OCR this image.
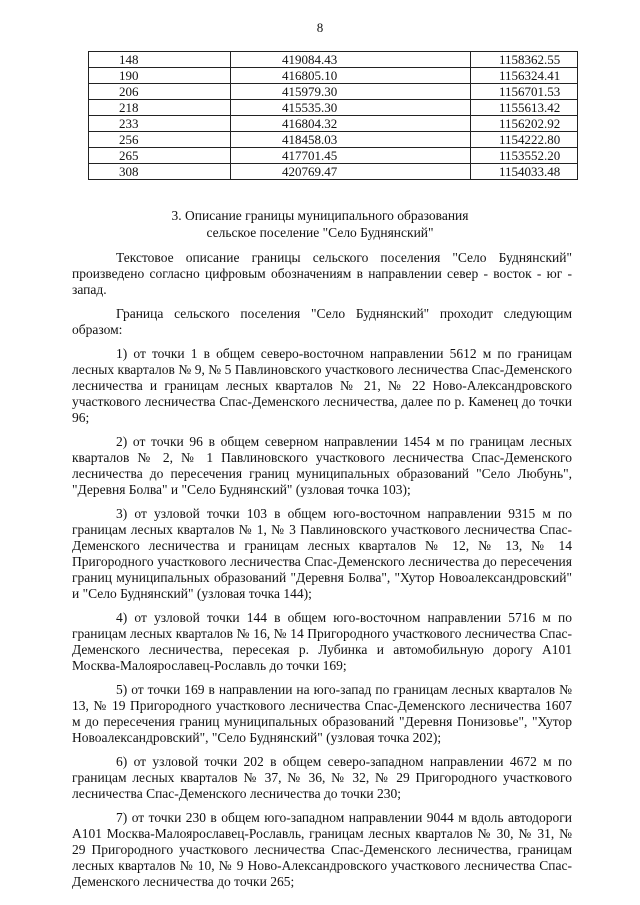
8
148	419084.43	1158362.55
190	416805.10	1156324.41
206	415979.30	1156701.53
218	415535.30	1155613.42
233	416804.32	1156202.92
256	418458.03	1154222.80
265	417701.45	1153552.20
308	420769.47	1154033.48
3. Описание границы муниципального образования
сельское поселение "Село Буднянский"

Текстовое описание границы сельского поселения "Село Буднянский" произведено согласно цифровым обозначениям в направлении север - восток - юг - запад.

Граница сельского поселения "Село Буднянский" проходит следующим образом:

1) от точки 1 в общем северо-восточном направлении 5612 м по границам лесных кварталов № 9, № 5 Павлиновского участкового лесничества Спас-Деменского лесничества и границам лесных кварталов № 21, № 22 Ново-Александровского участкового лесничества Спас-Деменского лесничества, далее по р. Каменец до точки 96;

2) от точки 96 в общем северном направлении 1454 м по границам лесных кварталов № 2, № 1 Павлиновского участкового лесничества Спас-Деменского лесничества до пересечения границ муниципальных образований "Село Любунь", "Деревня Болва" и "Село Буднянский" (узловая точка 103);

3) от узловой точки 103 в общем юго-восточном направлении 9315 м по границам лесных кварталов № 1, № 3 Павлиновского участкового лесничества Спас-Деменского лесничества и границам лесных кварталов № 12, № 13, № 14 Пригородного участкового лесничества Спас-Деменского лесничества до пересечения границ муниципальных образований "Деревня Болва", "Хутор Новоалександровский" и "Село Буднянский" (узловая точка 144);

4) от узловой точки 144 в общем юго-восточном направлении 5716 м по границам лесных кварталов № 16, № 14 Пригородного участкового лесничества Спас-Деменского лесничества, пересекая р. Лубинка и автомобильную дорогу А101 Москва-Малоярославец-Рославль до точки 169;

5) от точки 169 в направлении на юго-запад по границам лесных кварталов № 13, № 19 Пригородного участкового лесничества Спас-Деменского лесничества 1607 м до пересечения границ муниципальных образований "Деревня Понизовье", "Хутор Новоалександровский", "Село Буднянский" (узловая точка 202);

6) от узловой точки 202 в общем северо-западном направлении 4672 м по границам лесных кварталов № 37, № 36, № 32, № 29 Пригородного участкового лесничества Спас-Деменского лесничества до точки 230;

7) от точки 230 в общем юго-западном направлении 9044 м вдоль автодороги А101 Москва-Малоярославец-Рославль, границам лесных кварталов № 30, № 31, № 29 Пригородного участкового лесничества Спас-Деменского лесничества, границам лесных кварталов № 10, № 9 Ново-Александровского участкового лесничества Спас-Деменского лесничества до точки 265;
